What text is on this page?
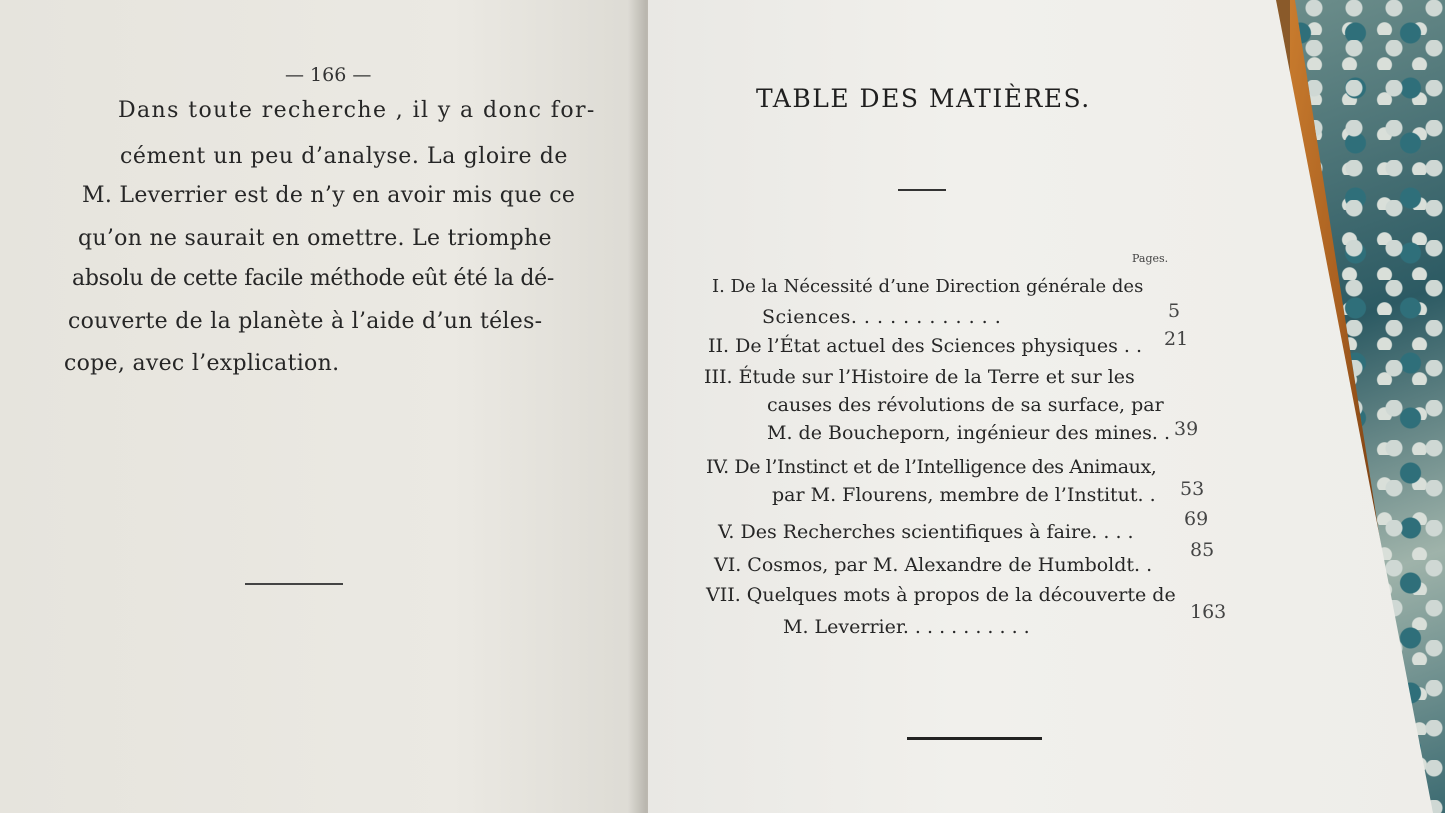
— 166 —
Dans toute recherche , il y a donc for-
cément un peu d’analyse. La gloire de
M. Leverrier est de n’y en avoir mis que ce
qu’on ne saurait en omettre. Le triomphe
absolu de cette facile méthode eût été la dé-
couverte de la planète à l’aide d’un téles-
cope, avec l’explication.
TABLE DES MATIÈRES.
Pages.
I. De la Nécessité d’une Direction générale des
Sciences. . . . . . . . . . . .	5
II. De l’État actuel des Sciences physiques . . 21
III. Étude sur l’Histoire de la Terre et sur les
causes des révolutions de sa surface, par
M. de Boucheporn, ingénieur des mines. . 39
IV. De l’Instinct et de l’Intelligence des Animaux,
par M. Flourens, membre de l’Institut. . 53
V. Des Recherches scientifiques à faire. . . .
69
VI. Cosmos, par M. Alexandre de Humboldt. .
85
VII. Quelques mots à propos de la découverte de
M. Leverrier. . . . . . . . . . .
163
